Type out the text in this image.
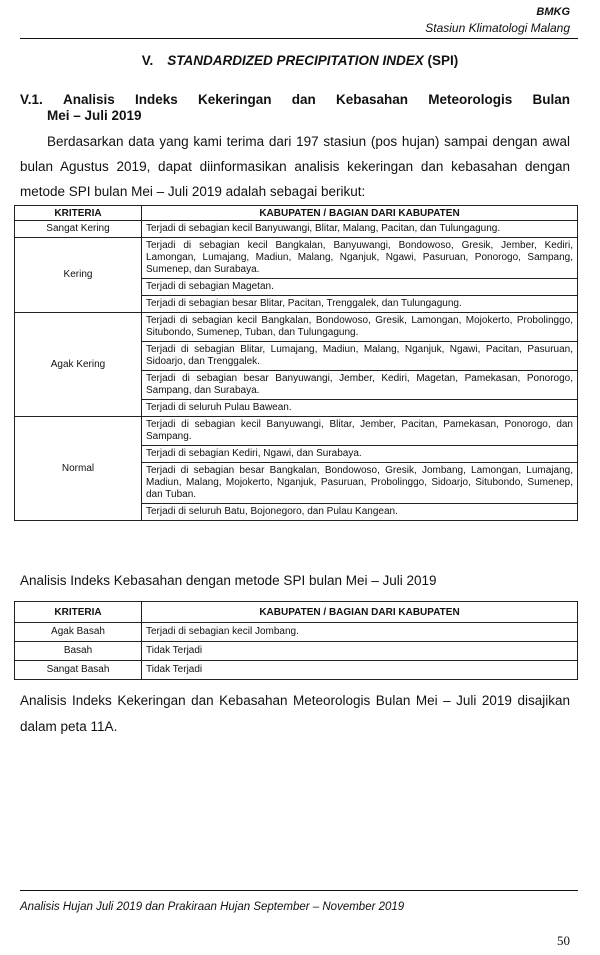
BMKG
Stasiun Klimatologi Malang
V. STANDARDIZED PRECIPITATION INDEX (SPI)
V.1. Analisis Indeks Kekeringan dan Kebasahan Meteorologis Bulan
Mei – Juli 2019
Berdasarkan data yang kami terima dari 197 stasiun (pos hujan) sampai dengan awal bulan Agustus 2019, dapat diinformasikan analisis kekeringan dan kebasahan dengan metode SPI bulan Mei – Juli 2019 adalah sebagai berikut:
KRITERIA	KABUPATEN / BAGIAN DARI KABUPATEN
Sangat Kering	Terjadi di sebagian kecil Banyuwangi, Blitar, Malang, Pacitan, dan Tulungagung.
Kering	Terjadi di sebagian kecil Bangkalan, Banyuwangi, Bondowoso, Gresik, Jember, Kediri, Lamongan, Lumajang, Madiun, Malang, Nganjuk, Ngawi, Pasuruan, Ponorogo, Sampang, Sumenep, dan Surabaya.
	Terjadi di sebagian Magetan.
	Terjadi di sebagian besar Blitar, Pacitan, Trenggalek, dan Tulungagung.
Agak Kering	Terjadi di sebagian kecil Bangkalan, Bondowoso, Gresik, Lamongan, Mojokerto, Probolinggo, Situbondo, Sumenep, Tuban, dan Tulungagung.
	Terjadi di sebagian Blitar, Lumajang, Madiun, Malang, Nganjuk, Ngawi, Pacitan, Pasuruan, Sidoarjo, dan Trenggalek.
	Terjadi di sebagian besar Banyuwangi, Jember, Kediri, Magetan, Pamekasan, Ponorogo, Sampang, dan Surabaya.
	Terjadi di seluruh Pulau Bawean.
Normal	Terjadi di sebagian kecil Banyuwangi, Blitar, Jember, Pacitan, Pamekasan, Ponorogo, dan Sampang.
	Terjadi di sebagian Kediri, Ngawi, dan Surabaya.
	Terjadi di sebagian besar Bangkalan, Bondowoso, Gresik, Jombang, Lamongan, Lumajang, Madiun, Malang, Mojokerto, Nganjuk, Pasuruan, Probolinggo, Sidoarjo, Situbondo, Sumenep, dan Tuban.
	Terjadi di seluruh Batu, Bojonegoro, dan Pulau Kangean.
Analisis Indeks Kebasahan dengan metode SPI bulan Mei – Juli 2019
KRITERIA	KABUPATEN / BAGIAN DARI KABUPATEN
Agak Basah	Terjadi di sebagian kecil Jombang.
Basah	Tidak Terjadi
Sangat Basah	Tidak Terjadi
Analisis Indeks Kekeringan dan Kebasahan Meteorologis Bulan Mei – Juli 2019 disajikan dalam peta 11A.
Analisis Hujan Juli 2019 dan Prakiraan Hujan September – November 2019
50
